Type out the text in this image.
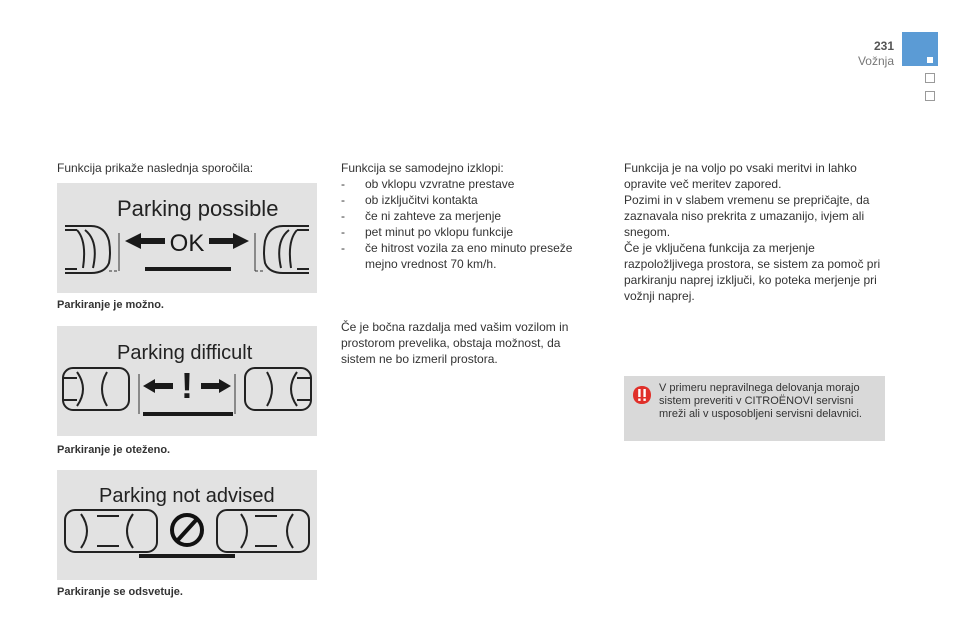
231
Vožnja
Funkcija prikaže naslednja sporočila:
Parking possible
OK
Parkiranje je možno.
Parking difficult
!
Parkiranje je oteženo.
Parking not advised
Parkiranje se odsvetuje.

Funkcija se samodejno izklopi:

- ob vklopu vzvratne prestave
- ob izključitvi kontakta
- če ni zahteve za merjenje
- pet minut po vklopu funkcije
- če hitrost vozila za eno minuto preseže mejno vrednost 70 km/h.
Če je bočna razdalja med vašim vozilom in prostorom prevelika, obstaja možnost, da sistem ne bo izmeril prostora.

Funkcija je na voljo po vsaki meritvi in lahko opravite več meritev zapored.

Pozimi in v slabem vremenu se prepričajte, da zaznavala niso prekrita z umazanijo, ivjem ali snegom.

Če je vključena funkcija za merjenje razpoložljivega prostora, se sistem za pomoč pri parkiranju naprej izključi, ko poteka merjenje pri vožnji naprej.

V primeru nepravilnega delovanja morajo sistem preveriti v CITROËNOVI servisni mreži ali v usposobljeni servisni delavnici.
